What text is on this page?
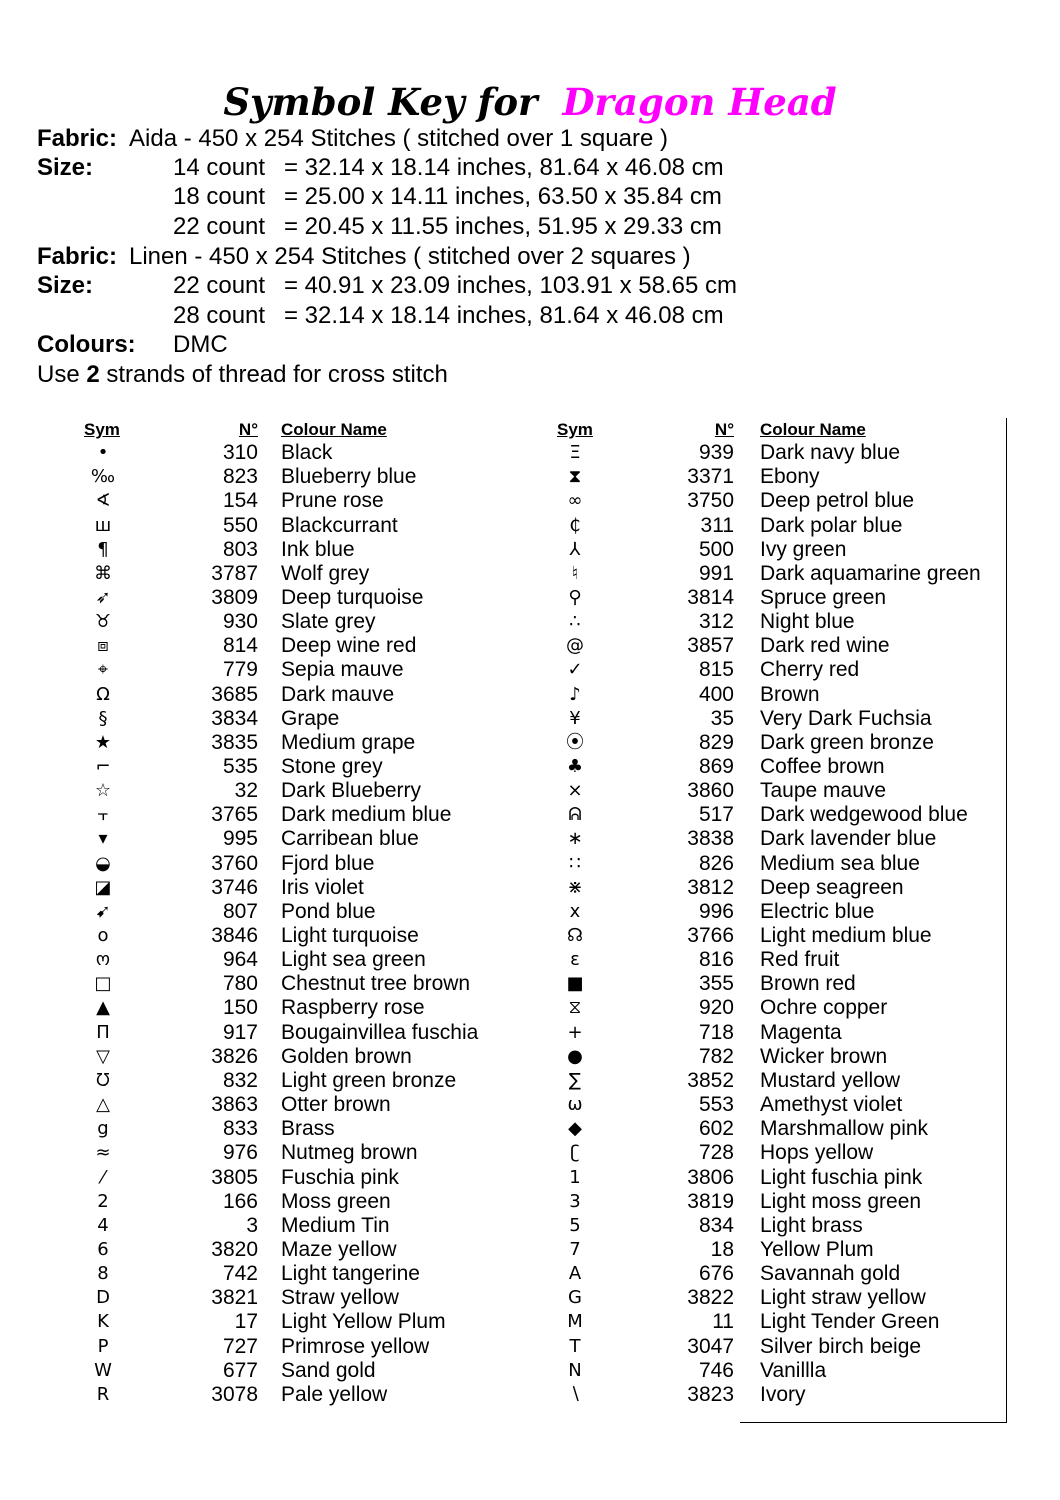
Symbol Key for Dragon Head
Fabric: Aida - 450 x 254 Stitches ( stitched over 1 square )
Size:	14 count = 32.14 x 18.14 inches, 81.64 x 46.08 cm
18 count = 25.00 x 14.11 inches, 63.50 x 35.84 cm
22 count = 20.45 x 11.55 inches, 51.95 x 29.33 cm
Fabric: Linen - 450 x 254 Stitches ( stitched over 2 squares )
Size:	22 count = 40.91 x 23.09 inches, 103.91 x 58.65 cm
28 count = 32.14 x 18.14 inches, 81.64 x 46.08 cm
Colours: DMC
Use 2 strands of thread for cross stitch
Sym	N° Colour Name	Sym	N° Colour Name
•	310 Black
‰	823 Blueberry blue
∢	154 Prune rose
ш	550 Blackcurrant
¶	803 Ink blue
⌘	3787 Wolf grey
➶	3809 Deep turquoise
♉	930 Slate grey
⧈	814 Deep wine red
⌖	779 Sepia mauve
Ω	3685 Dark mauve
§	3834 Grape
★	3835 Medium grape
⌐	535 Stone grey
☆	32 Dark Blueberry
⫟	3765 Dark medium blue
▾	995 Carribean blue
◒	3760 Fjord blue
◪	3746 Iris violet
➹	807 Pond blue
o	3846 Light turquoise
ო	964 Light sea green
□	780 Chestnut tree brown
▲	150 Raspberry rose
Π	917 Bougainvillea fuschia
▽	3826 Golden brown
ᘮ	832 Light green bronze
△	3863 Otter brown
g	833 Brass
≈	976 Nutmeg brown
⁄	3805 Fuschia pink
2	166 Moss green
4	3 Medium Tin
6	3820 Maze yellow
8	742 Light tangerine
D	3821 Straw yellow
K	17 Light Yellow Plum
P	727 Primrose yellow
W	677 Sand gold
R	3078 Pale yellow
Ξ	939 Dark navy blue
⧗	3371 Ebony
∞	3750 Deep petrol blue
₵	311 Dark polar blue
⅄	500 Ivy green
♮	991 Dark aquamarine green
⚲	3814 Spruce green
∴	312 Night blue
@	3857 Dark red wine
✓	815 Cherry red
♪	400 Brown
¥	35 Very Dark Fuchsia
⦿	829 Dark green bronze
♣	869 Coffee brown
⨯	3860 Taupe mauve
ᕱ	517 Dark wedgewood blue
∗	3838 Dark lavender blue
∷	826 Medium sea blue
⋇	3812 Deep seagreen
x	996 Electric blue
☊	3766 Light medium blue
ε	816 Red fruit
■	355 Brown red
⧖	920 Ochre copper
+	718 Magenta
●	782 Wicker brown
∑	3852 Mustard yellow
ω	553 Amethyst violet
◆	602 Marshmallow pink
ʗ	728 Hops yellow
1	3806 Light fuschia pink
3	3819 Light moss green
5	834 Light brass
7	18 Yellow Plum
A	676 Savannah gold
G	3822 Light straw yellow
M	11 Light Tender Green
T	3047 Silver birch beige
N	746 Vanillla
∖	3823 Ivory
